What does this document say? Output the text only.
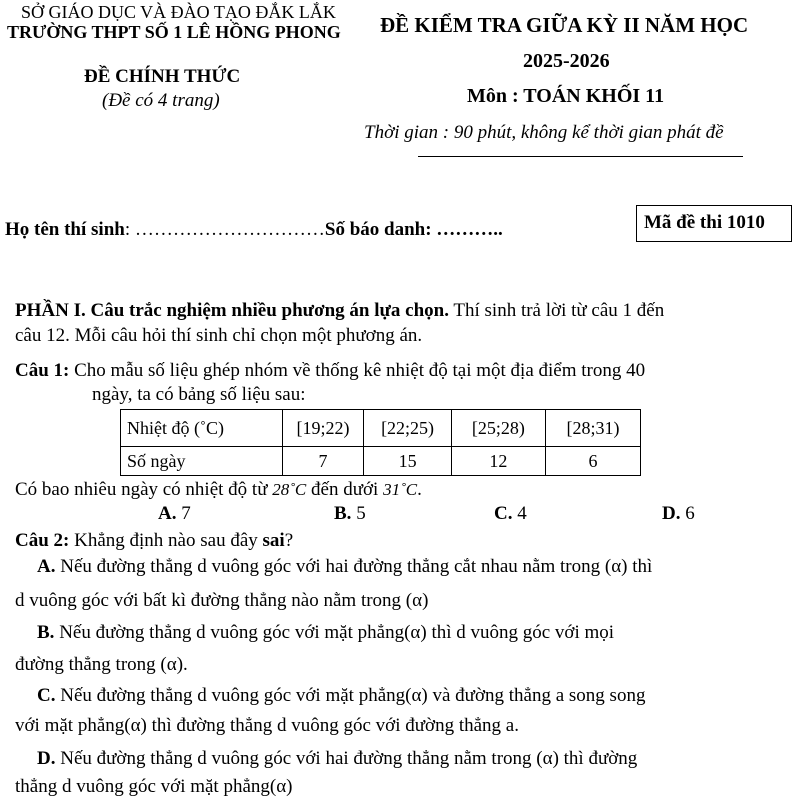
SỞ GIÁO DỤC VÀ ĐÀO TẠO ĐẮK LẮK
TRƯỜNG THPT SỐ 1 LÊ HỒNG PHONG
ĐỀ CHÍNH THỨC
(Đề có 4 trang)
ĐỀ KIỂM TRA GIỮA KỲ II NĂM HỌC
2025-2026
Môn : TOÁN KHỐI 11
Thời gian : 90 phút, không kể thời gian phát đề
Họ tên thí sinh: …………………………Số báo danh: ………..	Mã đề thi 1010
PHẦN I. Câu trắc nghiệm nhiều phương án lựa chọn. Thí sinh trả lời từ câu 1 đến
câu 12. Mỗi câu hỏi thí sinh chỉ chọn một phương án.
Câu 1: Cho mẫu số liệu ghép nhóm về thống kê nhiệt độ tại một địa điểm trong 40
ngày, ta có bảng số liệu sau:
Nhiệt độ (˚C)	[19;22)	[22;25)	[25;28)	[28;31)
Số ngày	7	15	12	6
Có bao nhiêu ngày có nhiệt độ từ 28˚C đến dưới 31˚C.
A. 7	B. 5	C. 4	D. 6
Câu 2: Khẳng định nào sau đây sai?
A. Nếu đường thẳng d vuông góc với hai đường thẳng cắt nhau nằm trong (α) thì
d vuông góc với bất kì đường thẳng nào nằm trong (α)
B. Nếu đường thẳng d vuông góc với mặt phẳng(α) thì d vuông góc với mọi
đường thẳng trong (α).
C. Nếu đường thẳng d vuông góc với mặt phẳng(α) và đường thẳng a song song
với mặt phẳng(α) thì đường thẳng d vuông góc với đường thẳng a.
D. Nếu đường thẳng d vuông góc với hai đường thẳng nằm trong (α) thì đường
thẳng d vuông góc với mặt phẳng(α)
